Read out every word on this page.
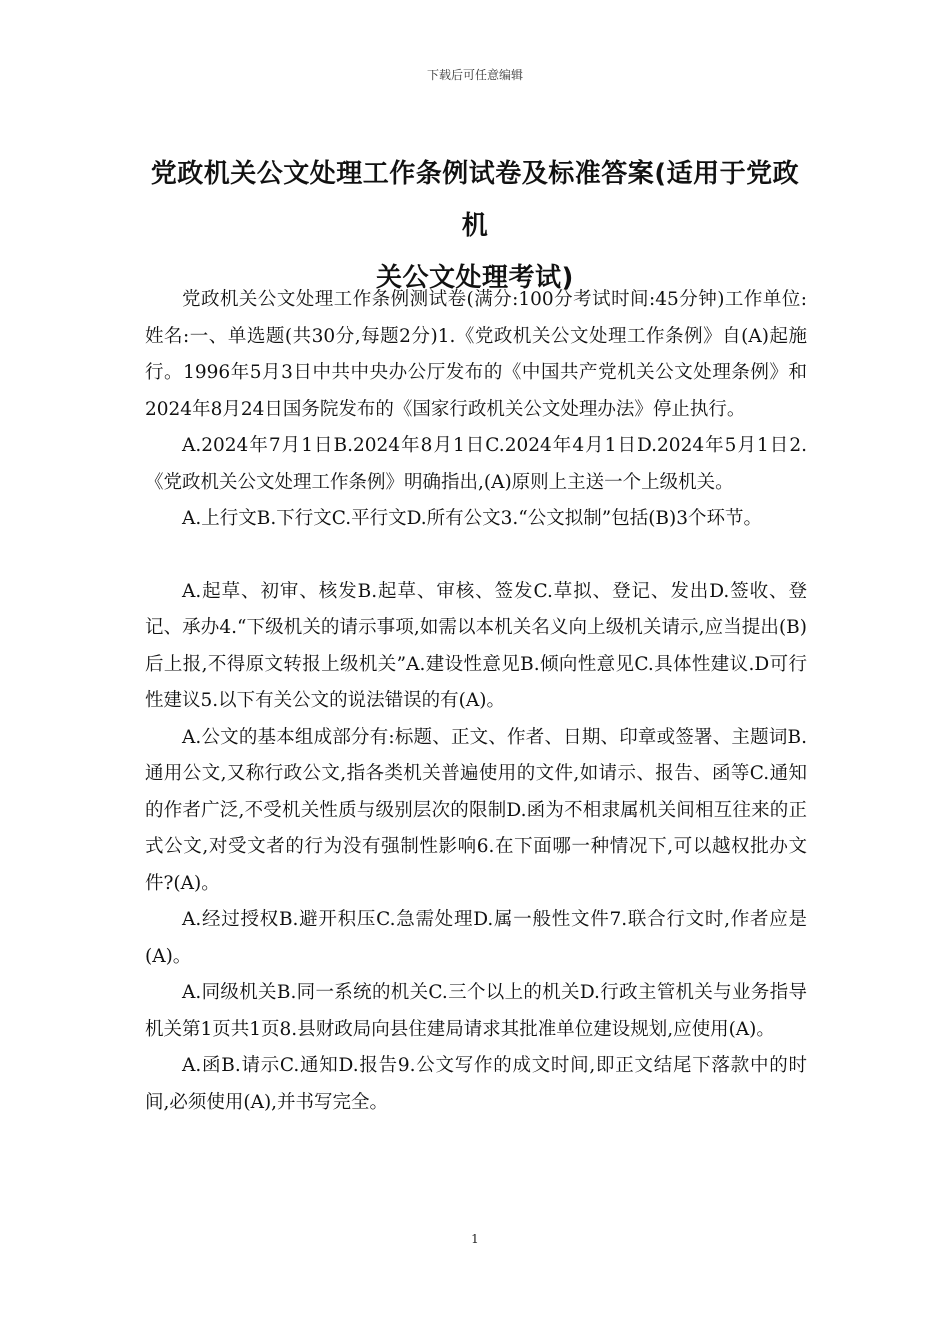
下载后可任意编辑
党政机关公文处理工作条例试卷及标准答案(适用于党政机
关公文处理考试)

党政机关公文处理工作条例测试卷(满分:100分考试时间:45分钟)工作单位:姓名:一、单选题(共30分,每题2分)1.《党政机关公文处理工作条例》自(A)起施行。1996年5月3日中共中央办公厅发布的《中国共产党机关公文处理条例》和2024年8月24日国务院发布的《国家行政机关公文处理办法》停止执行。

A.2024年7月1日B.2024年8月1日C.2024年4月1日D.2024年5月1日2.《党政机关公文处理工作条例》明确指出,(A)原则上主送一个上级机关。

A.上行文B.下行文C.平行文D.所有公文3.“公文拟制”包括(B)3个环节。

A.起草、初审、核发B.起草、审核、签发C.草拟、登记、发出D.签收、登记、承办4.“下级机关的请示事项,如需以本机关名义向上级机关请示,应当提出(B)后上报,不得原文转报上级机关”A.建设性意见B.倾向性意见C.具体性建议.D可行性建议5.以下有关公文的说法错误的有(A)。

A.公文的基本组成部分有:标题、正文、作者、日期、印章或签署、主题词B.通用公文,又称行政公文,指各类机关普遍使用的文件,如请示、报告、函等C.通知的作者广泛,不受机关性质与级别层次的限制D.函为不相隶属机关间相互往来的正式公文,对受文者的行为没有强制性影响6.在下面哪一种情况下,可以越权批办文件?(A)。

A.经过授权B.避开积压C.急需处理D.属一般性文件7.联合行文时,作者应是(A)。

A.同级机关B.同一系统的机关C.三个以上的机关D.行政主管机关与业务指导机关第1页共1页8.县财政局向县住建局请求其批准单位建设规划,应使用(A)。

A.函B.请示C.通知D.报告9.公文写作的成文时间,即正文结尾下落款中的时间,必须使用(A),并书写完全。

1
